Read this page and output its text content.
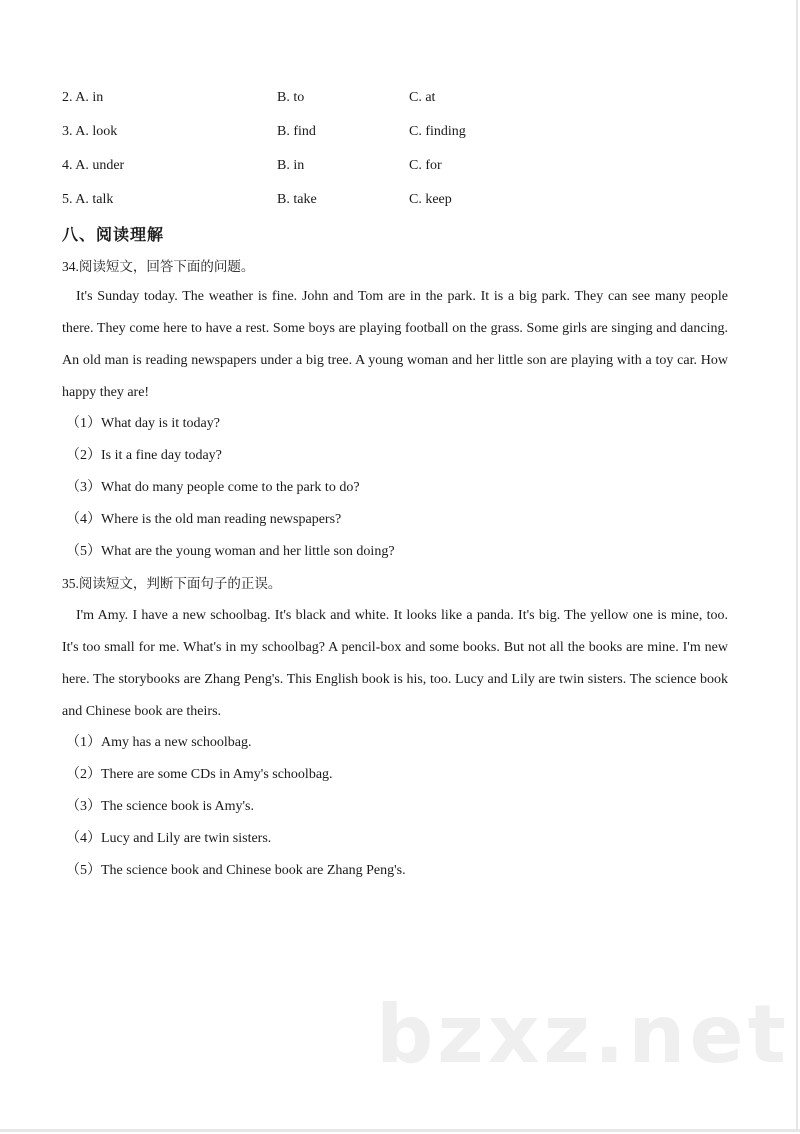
2. A. in	B. to	C. at
3. A. look	B. find	C. finding
4. A. under	B. in	C. for
5. A. talk	B. take	C. keep
八、阅读理解
34.阅读短文，回答下面的问题。
It's Sunday today. The weather is fine. John and Tom are in the park. It is a big park. They can see many people there. They come here to have a rest. Some boys are playing football on the grass. Some girls are singing and dancing. An old man is reading newspapers under a big tree. A young woman and her little son are playing with a toy car. How happy they are!
（1）What day is it today?
（2）Is it a fine day today?
（3）What do many people come to the park to do?
（4）Where is the old man reading newspapers?
（5）What are the young woman and her little son doing?
35.阅读短文，判断下面句子的正误。
I'm Amy. I have a new schoolbag. It's black and white. It looks like a panda. It's big. The yellow one is mine, too. It's too small for me. What's in my schoolbag? A pencil-box and some books. But not all the books are mine. I'm new here. The storybooks are Zhang Peng's. This English book is his, too. Lucy and Lily are twin sisters. The science book and Chinese book are theirs.
（1）Amy has a new schoolbag.
（2）There are some CDs in Amy's schoolbag.
（3）The science book is Amy's.
（4）Lucy and Lily are twin sisters.
（5）The science book and Chinese book are Zhang Peng's.
bzxz.net
